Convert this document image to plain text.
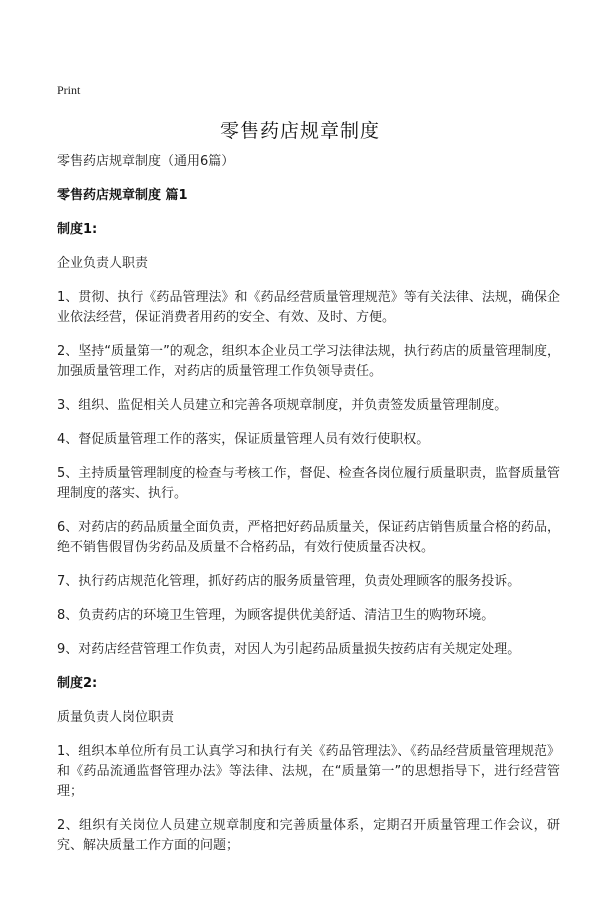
Print
零售药店规章制度

零售药店规章制度（通用6篇）

零售药店规章制度 篇1

制度1:

企业负责人职责

1、贯彻、执行《药品管理法》和《药品经营质量管理规范》等有关法律、法规，确保企业依法经营，保证消费者用药的安全、有效、及时、方便。

2、坚持“质量第一”的观念，组织本企业员工学习法律法规，执行药店的质量管理制度，加强质量管理工作，对药店的质量管理工作负领导责任。

3、组织、监促相关人员建立和完善各项规章制度，并负责签发质量管理制度。

4、督促质量管理工作的落实，保证质量管理人员有效行使职权。

5、主持质量管理制度的检查与考核工作，督促、检查各岗位履行质量职责，监督质量管理制度的落实、执行。

6、对药店的药品质量全面负责，严格把好药品质量关，保证药店销售质量合格的药品，绝不销售假冒伪劣药品及质量不合格药品，有效行使质量否决权。

7、执行药店规范化管理，抓好药店的服务质量管理，负责处理顾客的服务投诉。

8、负责药店的环境卫生管理，为顾客提供优美舒适、清洁卫生的购物环境。

9、对药店经营管理工作负责，对因人为引起药品质量损失按药店有关规定处理。

制度2:

质量负责人岗位职责

1、组织本单位所有员工认真学习和执行有关《药品管理法》、《药品经营质量管理规范》和《药品流通监督管理办法》等法律、法规，在“质量第一”的思想指导下，进行经营管理；

2、组织有关岗位人员建立规章制度和完善质量体系，定期召开质量管理工作会议，研究、解决质量工作方面的问题；
